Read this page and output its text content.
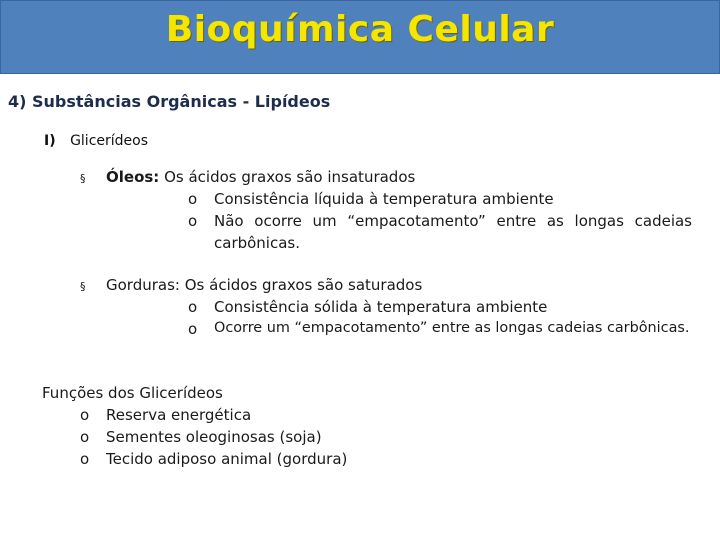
Bioquímica Celular
4) Substâncias Orgânicas - Lipídeos
I) Glicerídeos
§ Óleos: Os ácidos graxos são insaturados
o Consistência líquida à temperatura ambiente
o Não ocorre um “empacotamento” entre as longas cadeias
carbônicas.
§ Gorduras: Os ácidos graxos são saturados
o Consistência sólida à temperatura ambiente
o Ocorre um “empacotamento” entre as longas cadeias carbônicas.
Funções dos Glicerídeos
o Reserva energética
o Sementes oleoginosas (soja)
o Tecido adiposo animal (gordura)
